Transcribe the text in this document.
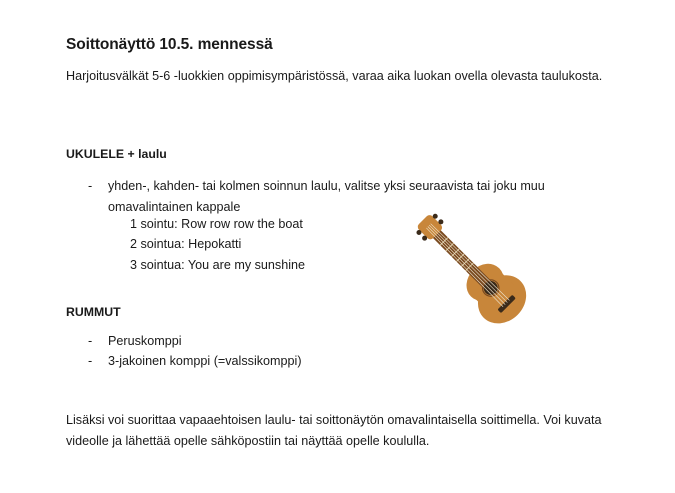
Soittonäyttö 10.5. mennessä
Harjoitusvälkät 5-6 -luokkien oppimisympäristössä, varaa aika luokan ovella olevasta taulukosta.
UKULELE + laulu
- yhden-, kahden- tai kolmen soinnun laulu, valitse yksi seuraavista tai joku muu omavalintainen kappale
1 sointu: Row row row the boat
2 sointua: Hepokatti
3 sointua: You are my sunshine
RUMMUT
- Peruskomppi
- 3-jakoinen komppi (=valssikomppi)
Lisäksi voi suorittaa vapaaehtoisen laulu- tai soittonäytön omavalintaisella soittimella. Voi kuvata videolle ja lähettää opelle sähköpostiin tai näyttää opelle koululla.
